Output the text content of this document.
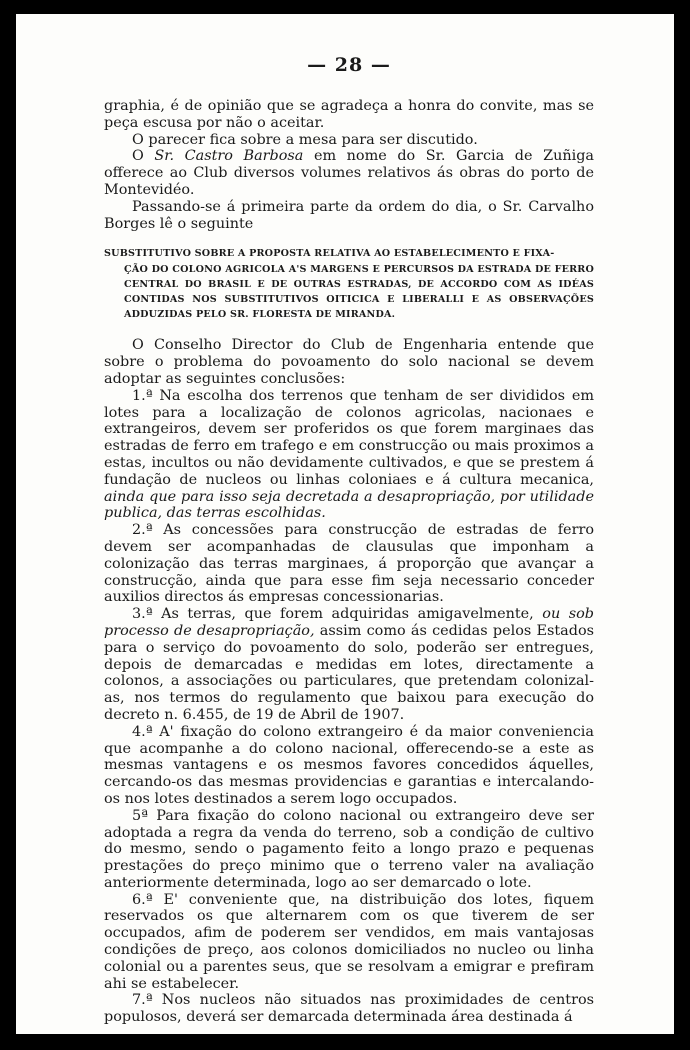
— 28 —

graphia, é de opinião que se agradeça a honra do convite, mas se peça escusa por não o aceitar.

O parecer fica sobre a mesa para ser discutido.

O Sr. Castro Barbosa em nome do Sr. Garcia de Zuñiga offerece ao Club diversos volumes relativos ás obras do porto de Montevidéo.

Passando-se á primeira parte da ordem do dia, o Sr. Carvalho Borges lê o seguinte

SUBSTITUTIVO SOBRE A PROPOSTA RELATIVA AO ESTABELECIMENTO E FIXA-
ÇÃO DO COLONO AGRICOLA A'S MARGENS E PERCURSOS DA ESTRADA DE FERRO CENTRAL DO BRASIL E DE OUTRAS ESTRADAS, DE ACCORDO COM AS IDÉAS CONTIDAS NOS SUBSTITUTIVOS OITICICA E LIBERALLI E AS OBSERVAÇÕES ADDUZIDAS PELO SR. FLORESTA DE MIRANDA.

O Conselho Director do Club de Engenharia entende que sobre o problema do povoamento do solo nacional se devem adoptar as seguintes conclusões:

1.ª Na escolha dos terrenos que tenham de ser divididos em lotes para a localização de colonos agricolas, nacionaes e extrangeiros, devem ser proferidos os que forem marginaes das estradas de ferro em trafego e em construcção ou mais proximos a estas, incultos ou não devidamente cultivados, e que se prestem á fundação de nucleos ou linhas coloniaes e á cultura mecanica, ainda que para isso seja decretada a desapropriação, por utilidade publica, das terras escolhidas.

2.ª As concessões para construcção de estradas de ferro devem ser acompanhadas de clausulas que imponham a colonização das terras marginaes, á proporção que avançar a construcção, ainda que para esse fim seja necessario conceder auxilios directos ás empresas concessionarias.

3.ª As terras, que forem adquiridas amigavelmente, ou sob processo de desapropriação, assim como ás cedidas pelos Estados para o serviço do povoamento do solo, poderão ser entregues, depois de demarcadas e medidas em lotes, directamente a colonos, a associações ou particulares, que pretendam colonizal-as, nos termos do regulamento que baixou para execução do decreto n. 6.455, de 19 de Abril de 1907.

4.ª A' fixação do colono extrangeiro é da maior conveniencia que acompanhe a do colono nacional, offerecendo-se a este as mesmas vantagens e os mesmos favores concedidos áquelles, cercando-os das mesmas providencias e garantias e intercalando-os nos lotes destinados a serem logo occupados.

5ª Para fixação do colono nacional ou extrangeiro deve ser adoptada a regra da venda do terreno, sob a condição de cultivo do mesmo, sendo o pagamento feito a longo prazo e pequenas prestações do preço minimo que o terreno valer na avaliação anteriormente determinada, logo ao ser demarcado o lote.

6.ª E' conveniente que, na distribuição dos lotes, fiquem reservados os que alternarem com os que tiverem de ser occupados, afim de poderem ser vendidos, em mais vantajosas condições de preço, aos colonos domiciliados no nucleo ou linha colonial ou a parentes seus, que se resolvam a emigrar e prefiram ahi se estabelecer.

7.ª Nos nucleos não situados nas proximidades de centros populosos, deverá ser demarcada determinada área destinada á
